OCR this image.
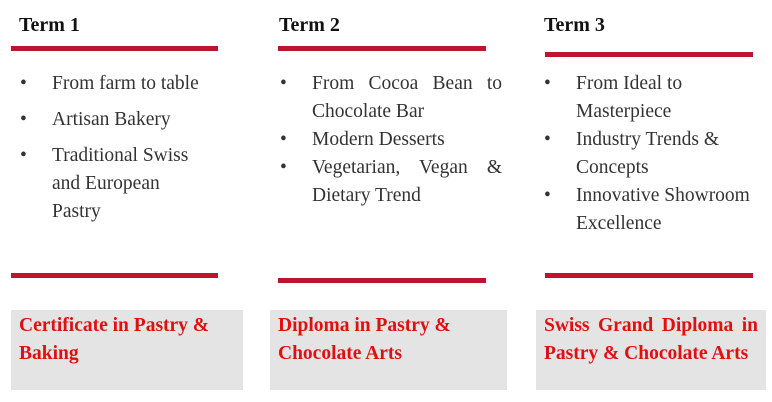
Term 1
• From farm to table
• Artisan Bakery
• Traditional Swiss and European Pastry
Certificate in Pastry & Baking
Term 2
• From Cocoa Bean to Chocolate Bar
• Modern Desserts
• Vegetarian, Vegan & Dietary Trend
Diploma in Pastry & Chocolate Arts
Term 3
• From Ideal to Masterpiece
• Industry Trends & Concepts
• Innovative Showroom Excellence
Swiss Grand Diploma in Pastry & Chocolate Arts
